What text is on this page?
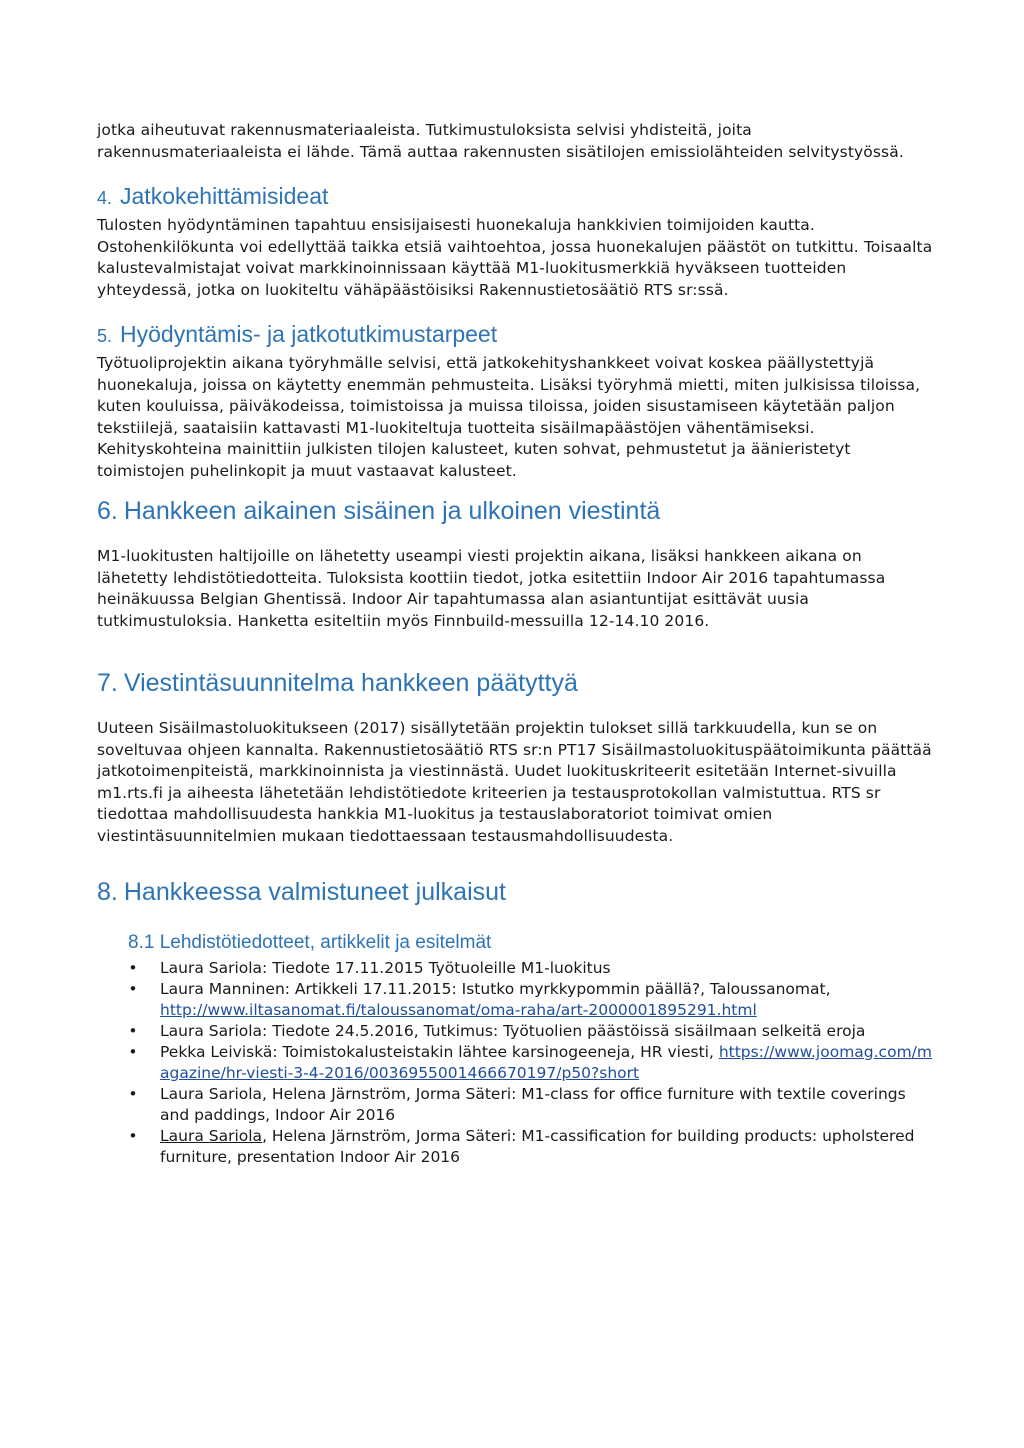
jotka aiheutuvat rakennusmateriaaleista. Tutkimustuloksista selvisi yhdisteitä, joita rakennusmateriaaleista ei lähde. Tämä auttaa rakennusten sisätilojen emissiolähteiden selvitystyössä.

4. Jatkokehittämisideat

Tulosten hyödyntäminen tapahtuu ensisijaisesti huonekaluja hankkivien toimijoiden kautta. Ostohenkilökunta voi edellyttää taikka etsiä vaihtoehtoa, jossa huonekalujen päästöt on tutkittu. Toisaalta kalustevalmistajat voivat markkinoinnissaan käyttää M1-luokitusmerkkiä hyväkseen tuotteiden yhteydessä, jotka on luokiteltu vähäpäästöisiksi Rakennustietosäätiö RTS sr:ssä.

5. Hyödyntämis- ja jatkotutkimustarpeet

Työtuoliprojektin aikana työryhmälle selvisi, että jatkokehityshankkeet voivat koskea päällystettyjä huonekaluja, joissa on käytetty enemmän pehmusteita. Lisäksi työryhmä mietti, miten julkisissa tiloissa, kuten kouluissa, päiväkodeissa, toimistoissa ja muissa tiloissa, joiden sisustamiseen käytetään paljon tekstiilejä, saataisiin kattavasti M1-luokiteltuja tuotteita sisäilmapäästöjen vähentämiseksi. Kehityskohteina mainittiin julkisten tilojen kalusteet, kuten sohvat, pehmustetut ja äänieristetyt toimistojen puhelinkopit ja muut vastaavat kalusteet.

6. Hankkeen aikainen sisäinen ja ulkoinen viestintä

M1-luokitusten haltijoille on lähetetty useampi viesti projektin aikana, lisäksi hankkeen aikana on lähetetty lehdistötiedotteita. Tuloksista koottiin tiedot, jotka esitettiin Indoor Air 2016 tapahtumassa heinäkuussa Belgian Ghentissä. Indoor Air tapahtumassa alan asiantuntijat esittävät uusia tutkimustuloksia. Hanketta esiteltiin myös Finnbuild-messuilla 12-14.10 2016.

7. Viestintäsuunnitelma hankkeen päätyttyä

Uuteen Sisäilmastoluokitukseen (2017) sisällytetään projektin tulokset sillä tarkkuudella, kun se on soveltuvaa ohjeen kannalta. Rakennustietosäätiö RTS sr:n PT17 Sisäilmastoluokituspäätoimikunta päättää jatkotoimenpiteistä, markkinoinnista ja viestinnästä. Uudet luokituskriteerit esitetään Internet-sivuilla m1.rts.fi ja aiheesta lähetetään lehdistötiedote kriteerien ja testausprotokollan valmistuttua. RTS sr tiedottaa mahdollisuudesta hankkia M1-luokitus ja testauslaboratoriot toimivat omien viestintäsuunnitelmien mukaan tiedottaessaan testausmahdollisuudesta.

8. Hankkeessa valmistuneet julkaisut
8.1 Lehdistötiedotteet, artikkelit ja esitelmät
• Laura Sariola: Tiedote 17.11.2015 Työtuoleille M1-luokitus
• Laura Manninen: Artikkeli 17.11.2015: Istutko myrkkypommin päällä?, Taloussanomat, http://www.iltasanomat.fi/taloussanomat/oma-raha/art-2000001895291.html
• Laura Sariola: Tiedote 24.5.2016, Tutkimus: Työtuolien päästöissä sisäilmaan selkeitä eroja
• Pekka Leiviskä: Toimistokalusteistakin lähtee karsinogeeneja, HR viesti, https://www.joomag.com/magazine/hr-viesti-3-4-2016/0036955001466670197/p50?short
• Laura Sariola, Helena Järnström, Jorma Säteri: M1-class for office furniture with textile coverings and paddings, Indoor Air 2016
• Laura Sariola, Helena Järnström, Jorma Säteri: M1-cassification for building products: upholstered furniture, presentation Indoor Air 2016
